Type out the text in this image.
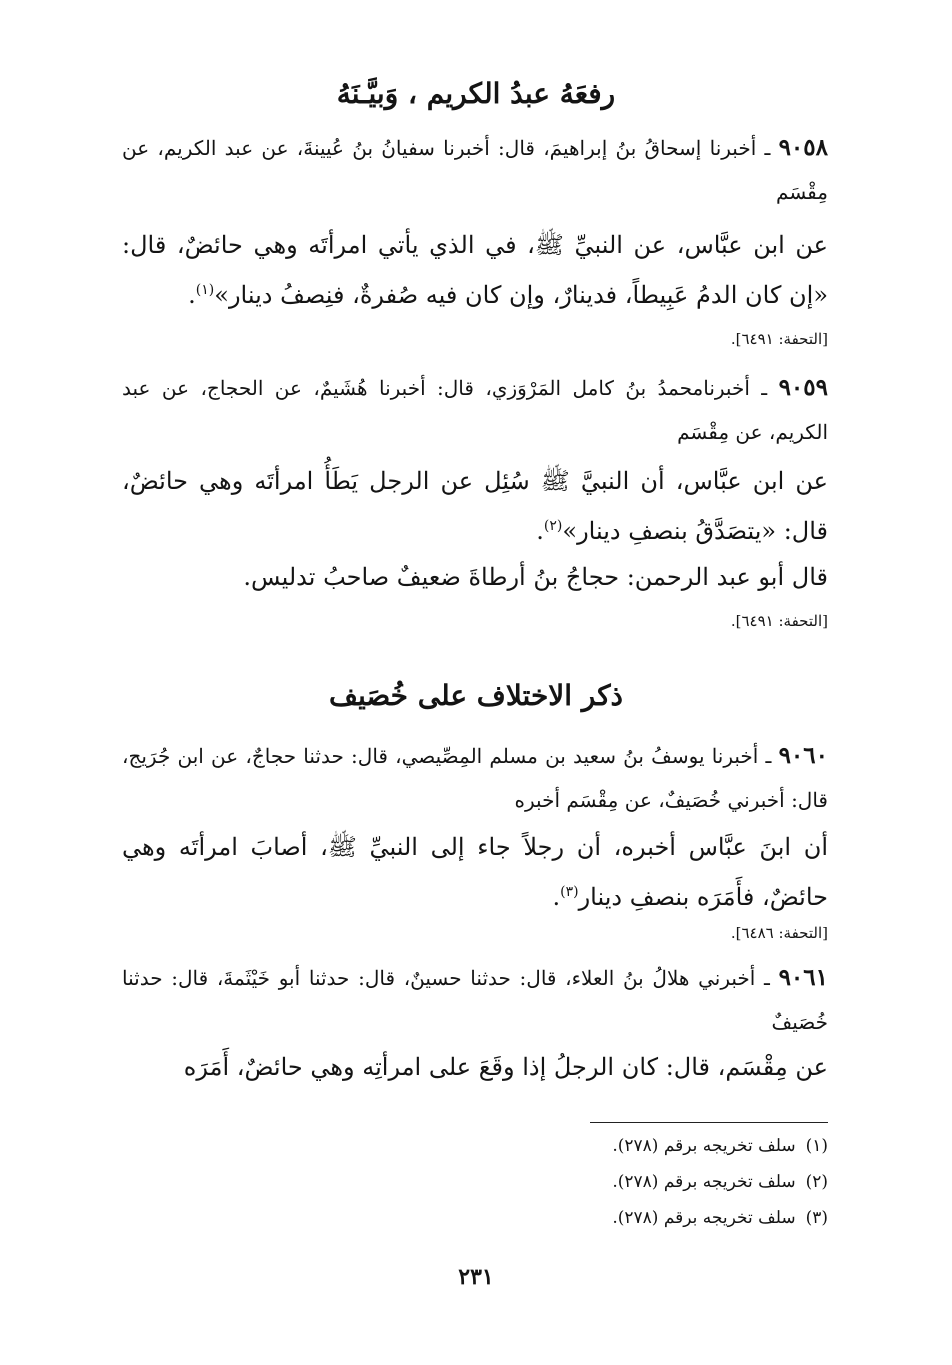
رفعَهُ عبدُ الكريم ، وَبيَّـنَهُ
٩٠٥٨ ـ أخبرنا إسحاقُ بنُ إبراهيمَ، قال: أخبرنا سفيانُ بنُ عُيينةَ، عن عبد الكريم، عن مِقْسَم
عن ابن عبَّاس، عن النبيِّ ﷺ، في الذي يأتي امرأتَه وهي حائضٌ، قال: «إن كان الدمُ عَبِيطاً، فدينارٌ، وإن كان فيه صُفرةٌ، فنِصفُ دينار»$^{(١)}$.
[التحفة: ٦٤٩١].
٩٠٥٩ ـ أخبرنامحمدُ بنُ كامل المَرْوَزي، قال: أخبرنا هُشَيمٌ، عن الحجاج، عن عبد الكريم، عن مِقْسَم
عن ابن عبَّاس، أن النبيَّ ﷺ سُئِل عن الرجل يَطَأُ امرأتَه وهي حائضٌ، قال: «يتصَدَّقُ بنصفِ دينار»$^{(٢)}$.
قال أبو عبد الرحمن: حجاجُ بنُ أرطاةَ ضعيفٌ صاحبُ تدليس.
[التحفة: ٦٤٩١].
ذكر الاختلاف على خُصَيف
٩٠٦٠ ـ أخبرنا يوسفُ بنُ سعيد بن مسلم المِصِّيصي، قال: حدثنا حجاجٌ، عن ابن جُرَيج، قال: أخبرني خُصَيفٌ، عن مِقْسَم أخبره
أن ابنَ عبَّاس أخبره، أن رجلاً جاء إلى النبيِّ ﷺ، أصابَ امرأتَه وهي حائضٌ، فأَمَرَه بنصفِ دينار$^{(٣)}$.
[التحفة: ٦٤٨٦].
٩٠٦١ ـ أخبرني هلالُ بنُ العلاء، قال: حدثنا حسينٌ، قال: حدثنا أبو خَيْثَمةَ، قال: حدثنا خُصَيفٌ
عن مِقْسَم، قال: كان الرجلُ إذا وقَعَ على امرأتِه وهي حائضٌ، أَمَرَه
(١)سلف تخريجه برقم (٢٧٨).
(٢)سلف تخريجه برقم (٢٧٨).
(٣)سلف تخريجه برقم (٢٧٨).
٢٣١
